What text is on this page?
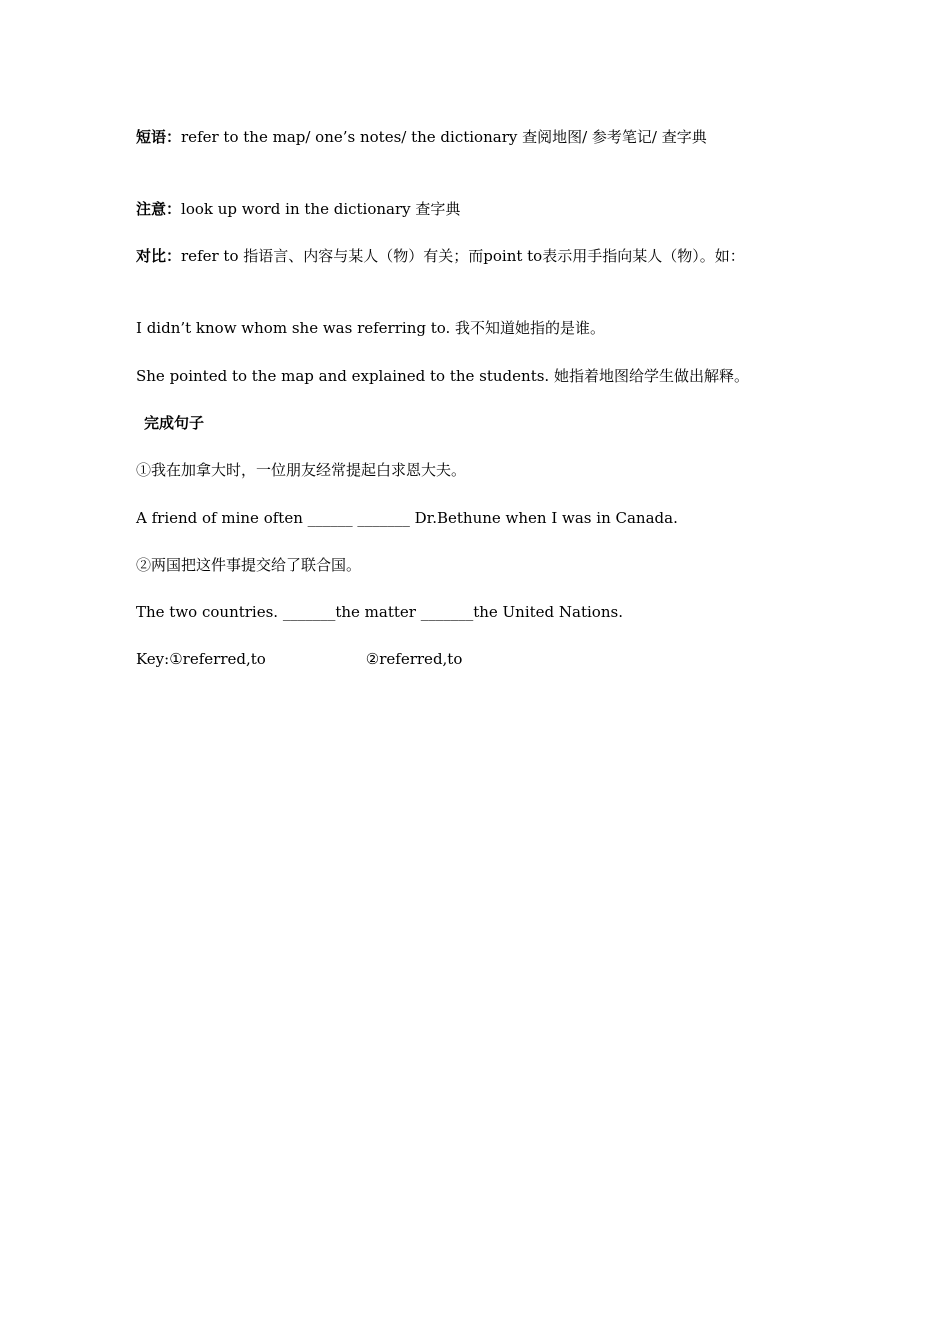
短语：refer to the map/ one’s notes/ the dictionary 查阅地图/ 参考笔记/ 查字典
注意：look up word in the dictionary 查字典
对比：refer to 指语言、内容与某人（物）有关；而point to表示用手指向某人（物）。如：
I didn’t know whom she was referring to. 我不知道她指的是谁。
She pointed to the map and explained to the students. 她指着地图给学生做出解释。
完成句子
①我在加拿大时，一位朋友经常提起白求恩大夫。
A friend of mine often ______ _______ Dr.Bethune when I was in Canada.
②两国把这件事提交给了联合国。
The two countries. _______the matter _______the United Nations.
Key:①referred,to	②referred,to
